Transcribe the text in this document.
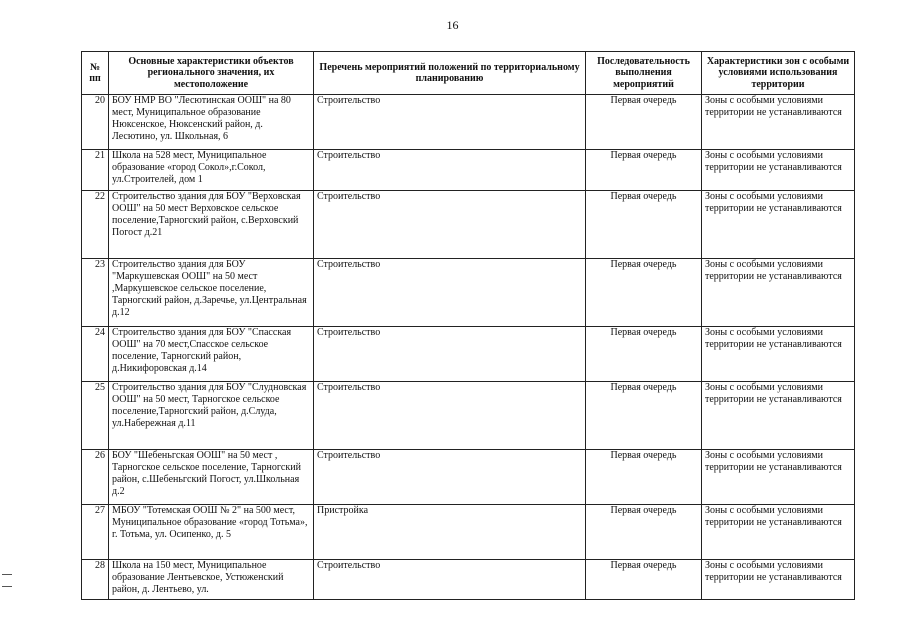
16
№ пп	Основные характеристики объектов регионального значения, их местоположение	Перечень мероприятий положений по территориальному планированию	Последовательность выполнения мероприятий	Характеристики зон с особыми условиями использования территории
20	БОУ НМР ВО "Лесютинская ООШ" на 80 мест, Муниципальное образование Нюксенское, Нюксенский район, д. Лесютино, ул. Школьная, 6	Строительство	Первая очередь	Зоны с особыми условиями территории не устанавливаются
21	Школа на 528 мест, Муниципальное образование «город Сокол»,г.Сокол, ул.Строителей, дом 1	Строительство	Первая очередь	Зоны с особыми условиями территории не устанавливаются
22	Строительство здания для БОУ "Верховская ООШ" на 50 мест Верховское сельское поселение,Тарногский район, с.Верховский Погост д.21	Строительство	Первая очередь	Зоны с особыми условиями территории не устанавливаются
23	Строительство здания для БОУ "Маркушевская ООШ" на 50 мест ,Маркушевское сельское поселение, Тарногский район, д.Заречье, ул.Центральная д.12	Строительство	Первая очередь	Зоны с особыми условиями территории не устанавливаются
24	Строительство здания для БОУ "Спасская ООШ" на 70 мест,Спасское сельское поселение, Тарногский район, д.Никифоровская д.14	Строительство	Первая очередь	Зоны с особыми условиями территории не устанавливаются
25	Строительство здания для БОУ "Слудновская ООШ" на 50 мест, Тарногское сельское поселение,Тарногский район, д.Слуда, ул.Набережная д.11	Строительство	Первая очередь	Зоны с особыми условиями территории не устанавливаются
26	БОУ "Шебеньгская ООШ" на 50 мест , Тарногское сельское поселение, Тарногский район, с.Шебеньгский Погост, ул.Школьная д.2	Строительство	Первая очередь	Зоны с особыми условиями территории не устанавливаются
27	МБОУ "Тотемская ООШ № 2" на 500 мест, Муниципальное образование «город Тотьма», г. Тотьма, ул. Осипенко, д. 5	Пристройка	Первая очередь	Зоны с особыми условиями территории не устанавливаются
28	Школа на 150 мест, Муниципальное образование Лентьевское, Устюженский район, д. Лентьево, ул.	Строительство	Первая очередь	Зоны с особыми условиями территории не устанавливаются
